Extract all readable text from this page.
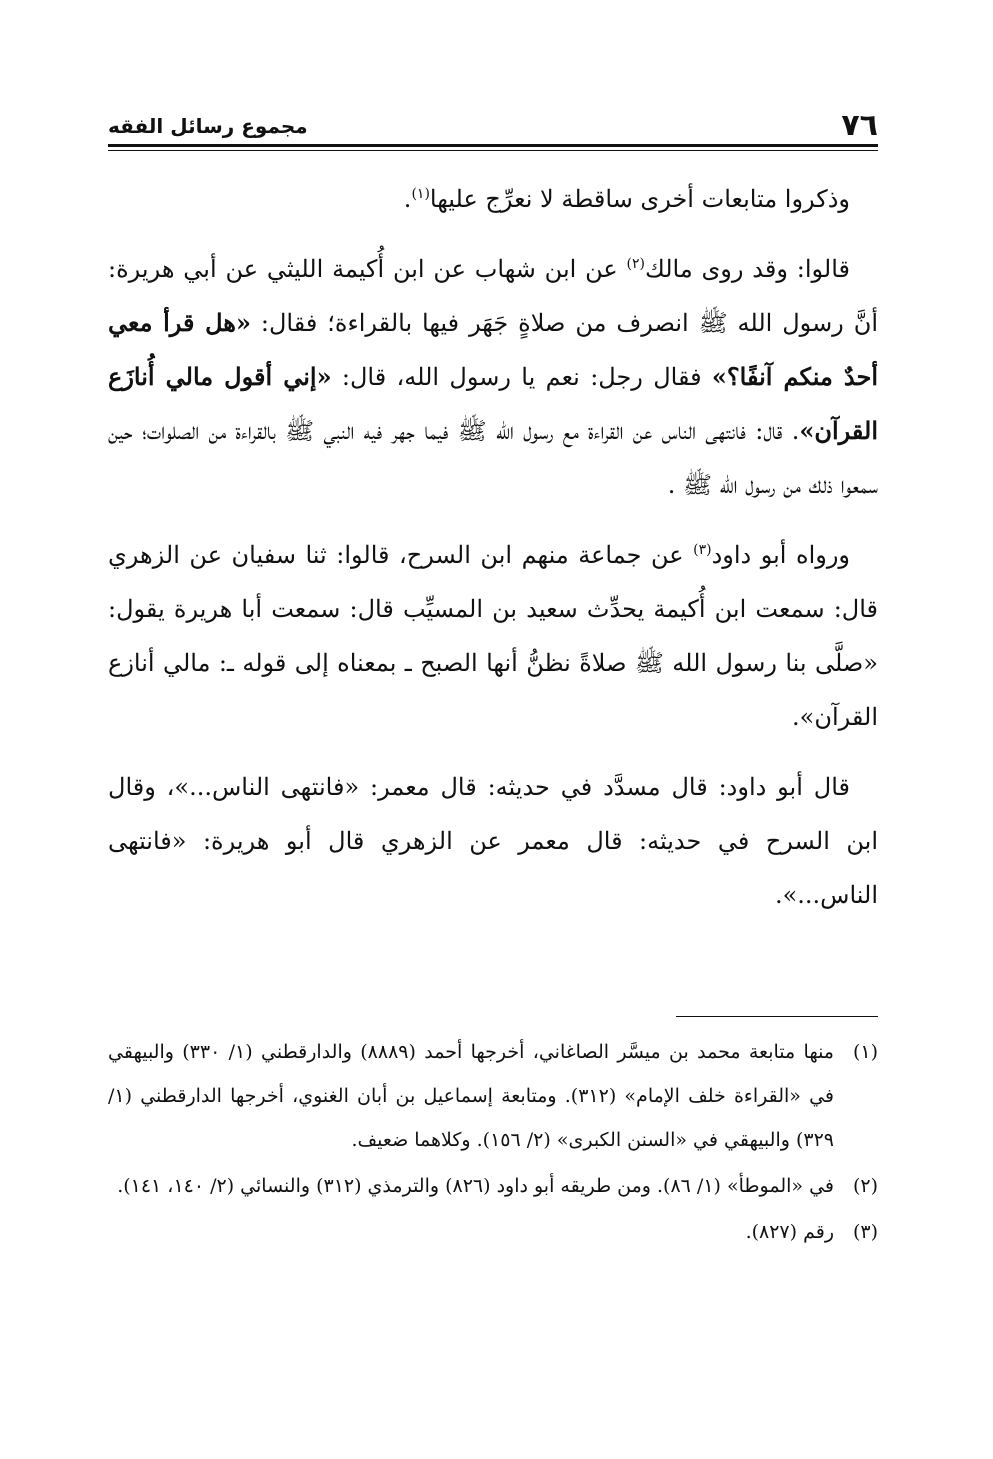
٧٦
مجموع رسائل الفقه

وذكروا متابعات أخرى ساقطة لا نعرِّج عليها$^{(١)}$.

قالوا: وقد روى مالك$^{(٢)}$ عن ابن شهاب عن ابن أُكيمة الليثي عن أبي هريرة: أنَّ رسول الله ﷺ انصرف من صلاةٍ جَهَر فيها بالقراءة؛ فقال: «هل قرأ معي أحدٌ منكم آنفًا؟» فقال رجل: نعم يا رسول الله، قال: «إني أقول مالي أُنازَع القرآن». قال: فانتهى الناس عن القراءة مع رسول الله ﷺ فيما جهر فيه النبي ﷺ بالقراءة من الصلوات؛ حين سمعوا ذلك من رسول الله ﷺ .

ورواه أبو داود$^{(٣)}$ عن جماعة منهم ابن السرح، قالوا: ثنا سفيان عن الزهري قال: سمعت ابن أُكيمة يحدِّث سعيد بن المسيِّب قال: سمعت أبا هريرة يقول: «صلَّى بنا رسول الله ﷺ صلاةً نظنُّ أنها الصبح ـ بمعناه إلى قوله ـ: مالي أنازع القرآن».

قال أبو داود: قال مسدَّد في حديثه: قال معمر: «فانتهى الناس...»، وقال ابن السرح في حديثه: قال معمر عن الزهري قال أبو هريرة: «فانتهى الناس...».

(١)
منها متابعة محمد بن ميسَّر الصاغاني، أخرجها أحمد (٨٨٨٩) والدارقطني (١/ ٣٣٠) والبيهقي في «القراءة خلف الإمام» (٣١٢). ومتابعة إسماعيل بن أبان الغنوي، أخرجها الدارقطني (١/ ٣٢٩) والبيهقي في «السنن الكبرى» (٢/ ١٥٦). وكلاهما ضعيف.
(٢)
في «الموطأ» (١/ ٨٦). ومن طريقه أبو داود (٨٢٦) والترمذي (٣١٢) والنسائي (٢/ ١٤٠، ١٤١).
(٣)
رقم (٨٢٧).
